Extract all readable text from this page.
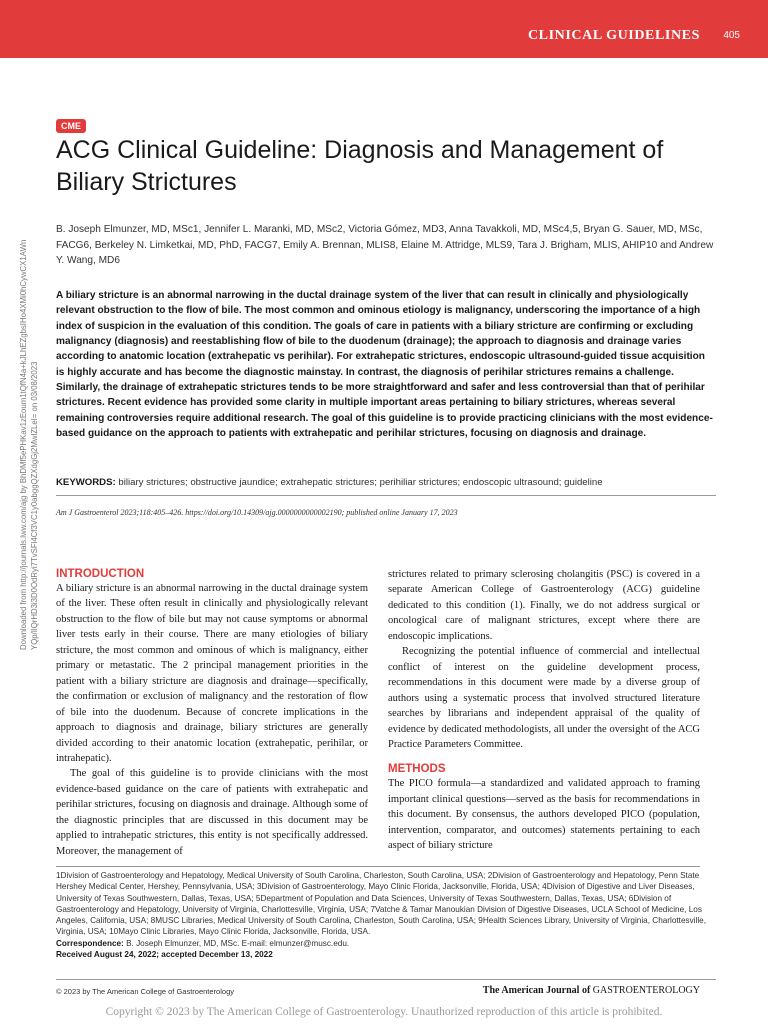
CLINICAL GUIDELINES 405
Downloaded from http://journals.lww.com/ajg by BhDMf5ePHKav1zEoum1tQfN4a+kJLhEZgbsIHo4XMi0hCywCX1AWn YQp/IlQrHD3i3D0OdRyi7TvSFl4Cf3VC1y0abggQZXdgGj2MwlZLeI= on 03/08/2023
CME
ACG Clinical Guideline: Diagnosis and Management of Biliary Strictures
B. Joseph Elmunzer, MD, MSc1, Jennifer L. Maranki, MD, MSc2, Victoria Gómez, MD3, Anna Tavakkoli, MD, MSc4,5, Bryan G. Sauer, MD, MSc, FACG6, Berkeley N. Limketkai, MD, PhD, FACG7, Emily A. Brennan, MLIS8, Elaine M. Attridge, MLS9, Tara J. Brigham, MLIS, AHIP10 and Andrew Y. Wang, MD6
A biliary stricture is an abnormal narrowing in the ductal drainage system of the liver that can result in clinically and physiologically relevant obstruction to the flow of bile. The most common and ominous etiology is malignancy, underscoring the importance of a high index of suspicion in the evaluation of this condition. The goals of care in patients with a biliary stricture are confirming or excluding malignancy (diagnosis) and reestablishing flow of bile to the duodenum (drainage); the approach to diagnosis and drainage varies according to anatomic location (extrahepatic vs perihilar). For extrahepatic strictures, endoscopic ultrasound-guided tissue acquisition is highly accurate and has become the diagnostic mainstay. In contrast, the diagnosis of perihilar strictures remains a challenge. Similarly, the drainage of extrahepatic strictures tends to be more straightforward and safer and less controversial than that of perihilar strictures. Recent evidence has provided some clarity in multiple important areas pertaining to biliary strictures, whereas several remaining controversies require additional research. The goal of this guideline is to provide practicing clinicians with the most evidence-based guidance on the approach to patients with extrahepatic and perihilar strictures, focusing on diagnosis and drainage.
KEYWORDS: biliary strictures; obstructive jaundice; extrahepatic strictures; perihiliar strictures; endoscopic ultrasound; guideline
Am J Gastroenterol 2023;118:405–426. https://doi.org/10.14309/ajg.0000000000002190; published online January 17, 2023
INTRODUCTION

A biliary stricture is an abnormal narrowing in the ductal drainage system of the liver. These often result in clinically and physiologically relevant obstruction to the flow of bile but may not cause symptoms or abnormal liver tests early in their course. There are many etiologies of biliary stricture, the most common and ominous of which is malignancy, either primary or metastatic. The 2 principal management priorities in the patient with a biliary stricture are diagnosis and drainage—specifically, the confirmation or exclusion of malignancy and the restoration of flow of bile into the duodenum. Because of concrete implications in the approach to diagnosis and drainage, biliary strictures are generally divided according to their anatomic location (extrahepatic, perihilar, or intrahepatic).

The goal of this guideline is to provide clinicians with the most evidence-based guidance on the care of patients with extrahepatic and perihilar strictures, focusing on diagnosis and drainage. Although some of the diagnostic principles that are discussed in this document may be applied to intrahepatic strictures, this entity is not specifically addressed. Moreover, the management of

strictures related to primary sclerosing cholangitis (PSC) is covered in a separate American College of Gastroenterology (ACG) guideline dedicated to this condition (1). Finally, we do not address surgical or oncological care of malignant strictures, except where there are endoscopic implications.

Recognizing the potential influence of commercial and intellectual conflict of interest on the guideline development process, recommendations in this document were made by a diverse group of authors using a systematic process that involved structured literature searches by librarians and independent appraisal of the quality of evidence by dedicated methodologists, all under the oversight of the ACG Practice Parameters Committee.

METHODS

The PICO formula—a standardized and validated approach to framing important clinical questions—served as the basis for recommendations in this document. By consensus, the authors developed PICO (population, intervention, comparator, and outcomes) statements pertaining to each aspect of biliary stricture

1Division of Gastroenterology and Hepatology, Medical University of South Carolina, Charleston, South Carolina, USA; 2Division of Gastroenterology and Hepatology, Penn State Hershey Medical Center, Hershey, Pennsylvania, USA; 3Division of Gastroenterology, Mayo Clinic Florida, Jacksonville, Florida, USA; 4Division of Digestive and Liver Diseases, University of Texas Southwestern, Dallas, Texas, USA; 5Department of Population and Data Sciences, University of Texas Southwestern, Dallas, Texas, USA; 6Division of Gastroenterology and Hepatology, University of Virginia, Charlottesville, Virginia, USA; 7Vatche & Tamar Manoukian Division of Digestive Diseases, UCLA School of Medicine, Los Angeles, California, USA; 8MUSC Libraries, Medical University of South Carolina, Charleston, South Carolina, USA; 9Health Sciences Library, University of Virginia, Charlottesville, Virginia, USA; 10Mayo Clinic Libraries, Mayo Clinic Florida, Jacksonville, Florida, USA.

Correspondence: B. Joseph Elmunzer, MD, MSc. E-mail: elmunzer@musc.edu.

Received August 24, 2022; accepted December 13, 2022

© 2023 by The American College of Gastroenterology	The American Journal of GASTROENTEROLOGY
Copyright © 2023 by The American College of Gastroenterology. Unauthorized reproduction of this article is prohibited.
